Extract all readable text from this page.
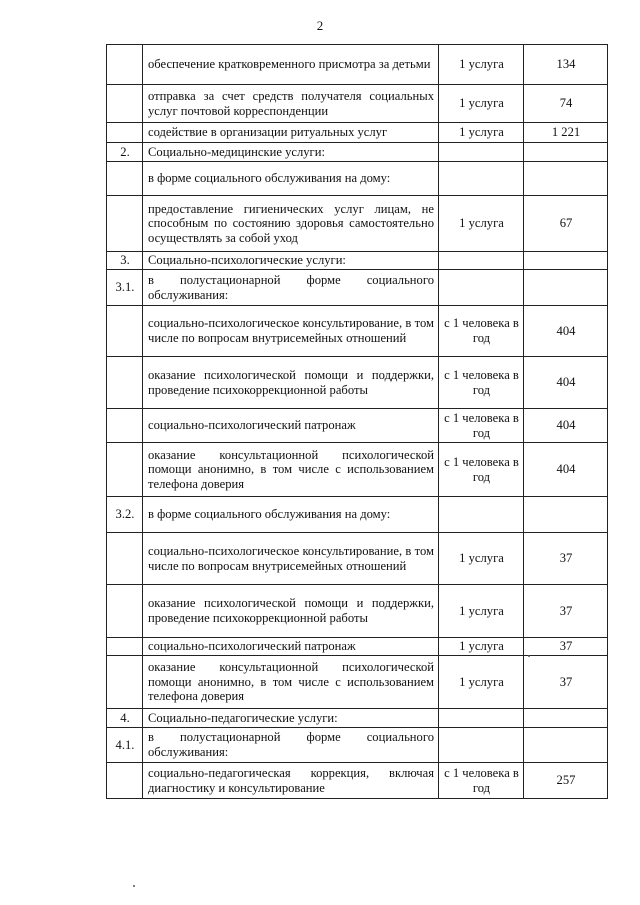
2
	обеспечение кратковременного присмотра за детьми	1 услуга	134
	отправка за счет средств получателя социальных услуг почтовой корреспонденции	1 услуга	74
	содействие в организации ритуальных услуг	1 услуга	1 221
2.	Социально-медицинские услуги:		
	в форме социального обслуживания на дому:		
	предоставление гигиенических услуг лицам, не способным по состоянию здоровья самостоятельно осуществлять за собой уход	1 услуга	67
3.	Социально-психологические услуги:		
3.1.	в полустационарной форме социального обслуживания:		
	социально-психологическое консультирование, в том числе по вопросам внутрисемейных отношений	с 1 человека в год	404
	оказание психологической помощи и поддержки, проведение психокоррекционной работы	с 1 человека в год	404
	социально-психологический патронаж	с 1 человека в год	404
	оказание консультационной психологической помощи анонимно, в том числе с использованием телефона доверия	с 1 человека в год	404
3.2.	в форме социального обслуживания на дому:		
	социально-психологическое консультирование, в том числе по вопросам внутрисемейных отношений	1 услуга	37
	оказание психологической помощи и поддержки, проведение психокоррекционной работы	1 услуга	37
	социально-психологический патронаж	1 услуга	37
	оказание консультационной психологической помощи анонимно, в том числе с использованием телефона доверия	1 услуга	37
4.	Социально-педагогические услуги:		
4.1.	в полустационарной форме социального обслуживания:		
	социально-педагогическая коррекция, включая диагностику и консультирование	с 1 человека в год	257
